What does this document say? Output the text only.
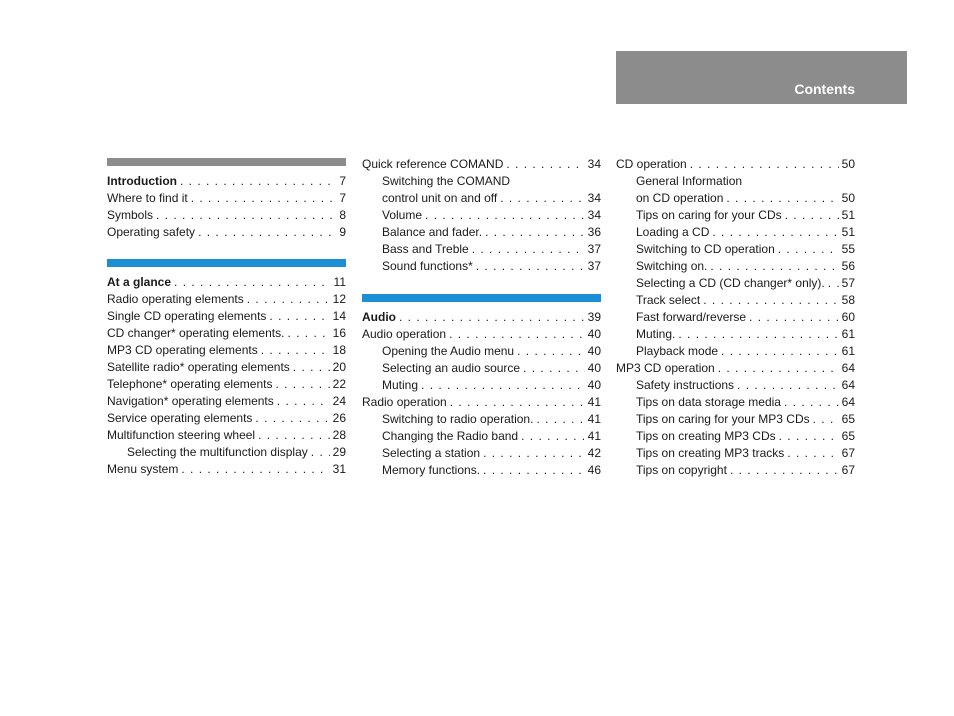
Contents
Introduction . . .	7
Where to find it . . .	7
Symbols . . .	8
Operating safety . . .	9
At a glance . . .	11
Radio operating elements . . .	12
Single CD operating elements . . .	14
CD changer* operating elements. . . .	16
MP3 CD operating elements . . .	18
Satellite radio* operating elements . . .	20
Telephone* operating elements . . .	22
Navigation* operating elements . . .	24
Service operating elements . . .	26
Multifunction steering wheel . . .	28
Selecting the multifunction display . . . 29
Menu system . . .	31
Quick reference COMAND . . .	34
Switching the COMAND
control unit on and off . . .	34
Volume . . .	34
Balance and fader. . . .	36
Bass and Treble . . .	37
Sound functions* . . .	37
Audio . . .	39
Audio operation . . .	40
Opening the Audio menu . . .	40
Selecting an audio source . . .	40
Muting . . .	40
Radio operation . . .	41
Switching to radio operation. . . .	41
Changing the Radio band . . .	41
Selecting a station . . .	42
Memory functions. . . .	46
CD operation . . .	50
General Information
on CD operation . . .	50
Tips on caring for your CDs . . .	51
Loading a CD . . .	51
Switching to CD operation . . .	55
Switching on. . . .	56
Selecting a CD (CD changer* only). . . . 57
Track select . . .	58
Fast forward/reverse . . .	60
Muting. . . .	61
Playback mode . . .	61
MP3 CD operation . . .	64
Safety instructions . . .	64
Tips on data storage media . . .	64
Tips on caring for your MP3 CDs . . .	65
Tips on creating MP3 CDs . . .	65
Tips on creating MP3 tracks . . .	67
Tips on copyright . . .	67
